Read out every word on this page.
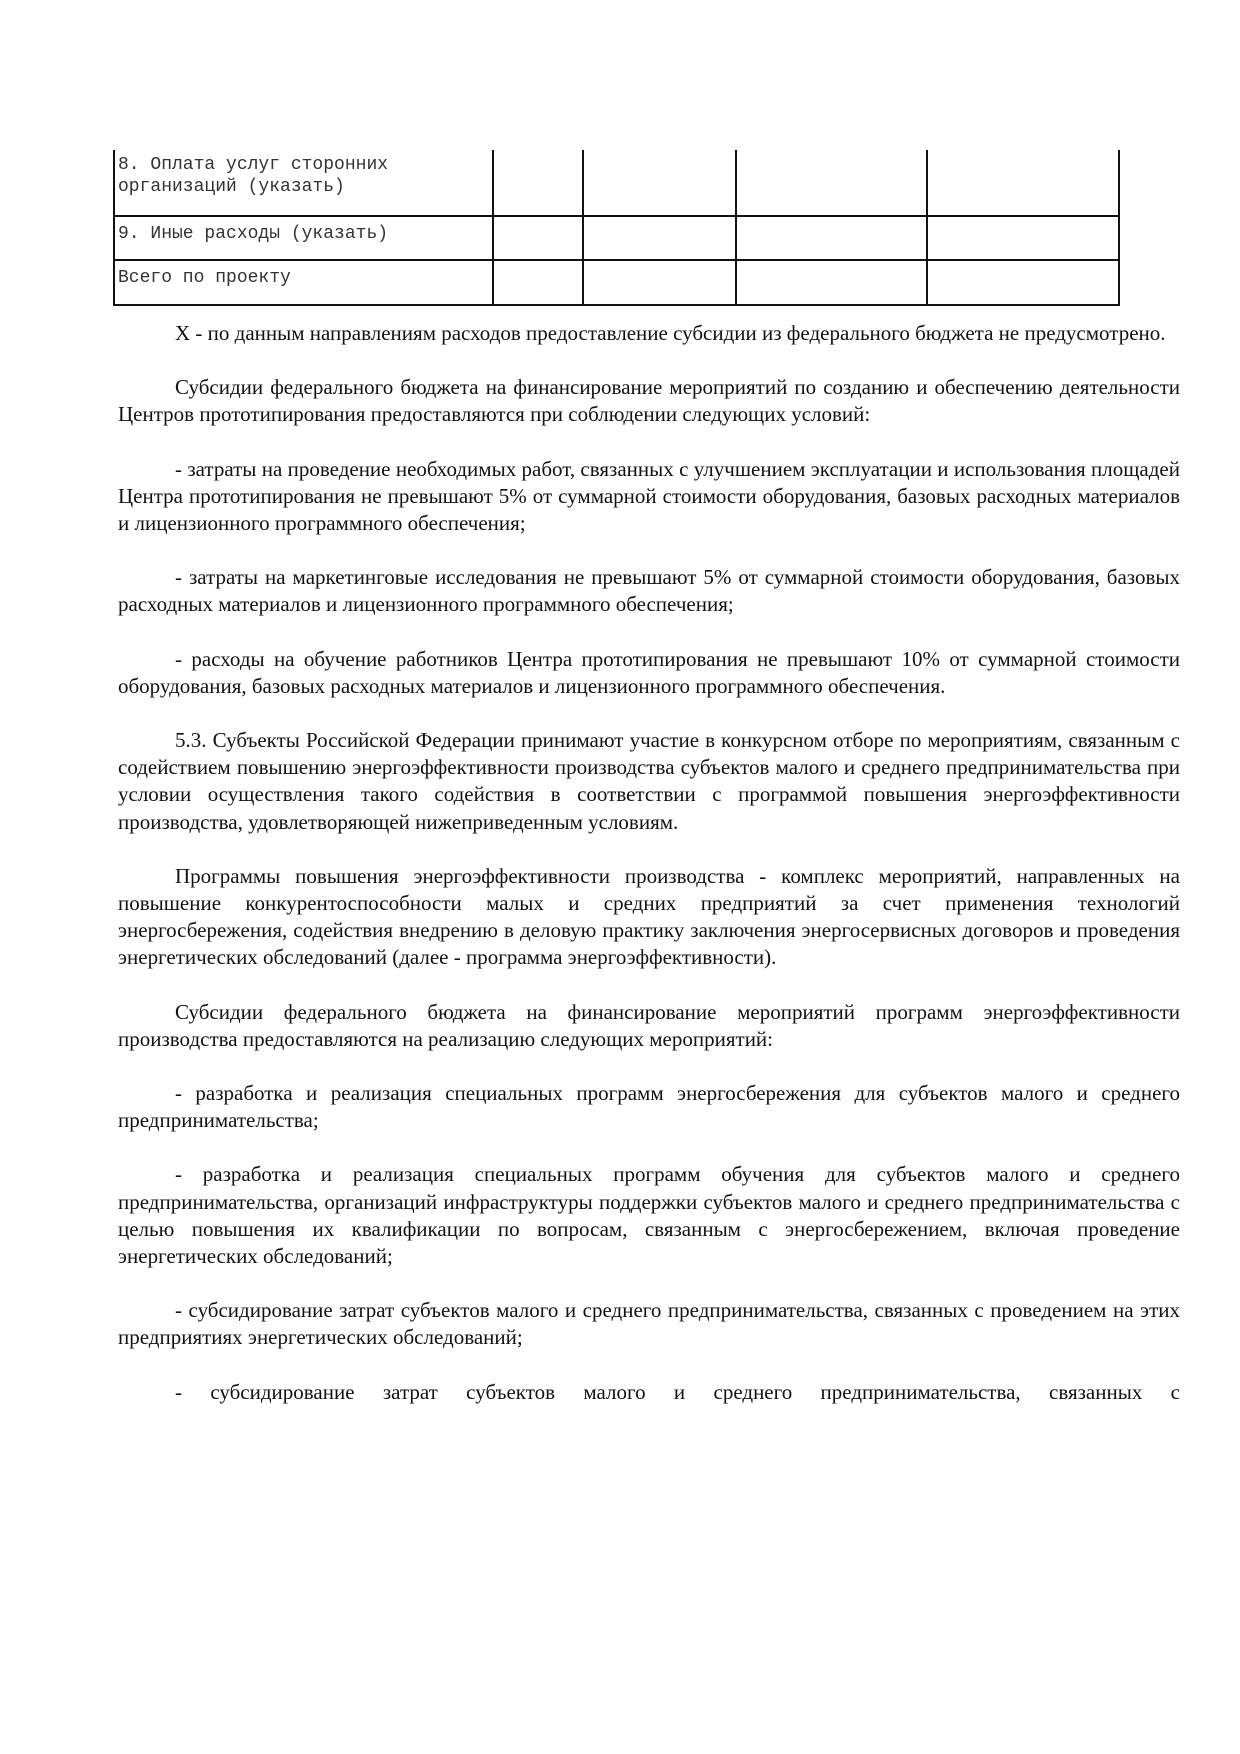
8. Оплата услуг сторонних организаций (указать)				
9. Иные расходы (указать)				
Всего по проекту				

X - по данным направлениям расходов предоставление субсидии из федерального бюджета не предусмотрено.

Субсидии федерального бюджета на финансирование мероприятий по созданию и обеспечению деятельности Центров прототипирования предоставляются при соблюдении следующих условий:

- затраты на проведение необходимых работ, связанных с улучшением эксплуатации и использования площадей Центра прототипирования не превышают 5% от суммарной стоимости оборудования, базовых расходных материалов и лицензионного программного обеспечения;

- затраты на маркетинговые исследования не превышают 5% от суммарной стоимости оборудования, базовых расходных материалов и лицензионного программного обеспечения;

- расходы на обучение работников Центра прототипирования не превышают 10% от суммарной стоимости оборудования, базовых расходных материалов и лицензионного программного обеспечения.

5.3. Субъекты Российской Федерации принимают участие в конкурсном отборе по мероприятиям, связанным с содействием повышению энергоэффективности производства субъектов малого и среднего предпринимательства при условии осуществления такого содействия в соответствии с программой повышения энергоэффективности производства, удовлетворяющей нижеприведенным условиям.

Программы повышения энергоэффективности производства - комплекс мероприятий, направленных на повышение конкурентоспособности малых и средних предприятий за счет применения технологий энергосбережения, содействия внедрению в деловую практику заключения энергосервисных договоров и проведения энергетических обследований (далее - программа энергоэффективности).

Субсидии федерального бюджета на финансирование мероприятий программ энергоэффективности производства предоставляются на реализацию следующих мероприятий:

- разработка и реализация специальных программ энергосбережения для субъектов малого и среднего предпринимательства;

- разработка и реализация специальных программ обучения для субъектов малого и среднего предпринимательства, организаций инфраструктуры поддержки субъектов малого и среднего предпринимательства с целью повышения их квалификации по вопросам, связанным с энергосбережением, включая проведение энергетических обследований;

- субсидирование затрат субъектов малого и среднего предпринимательства, связанных с проведением на этих предприятиях энергетических обследований;

- субсидирование затрат субъектов малого и среднего предпринимательства, связанных с
